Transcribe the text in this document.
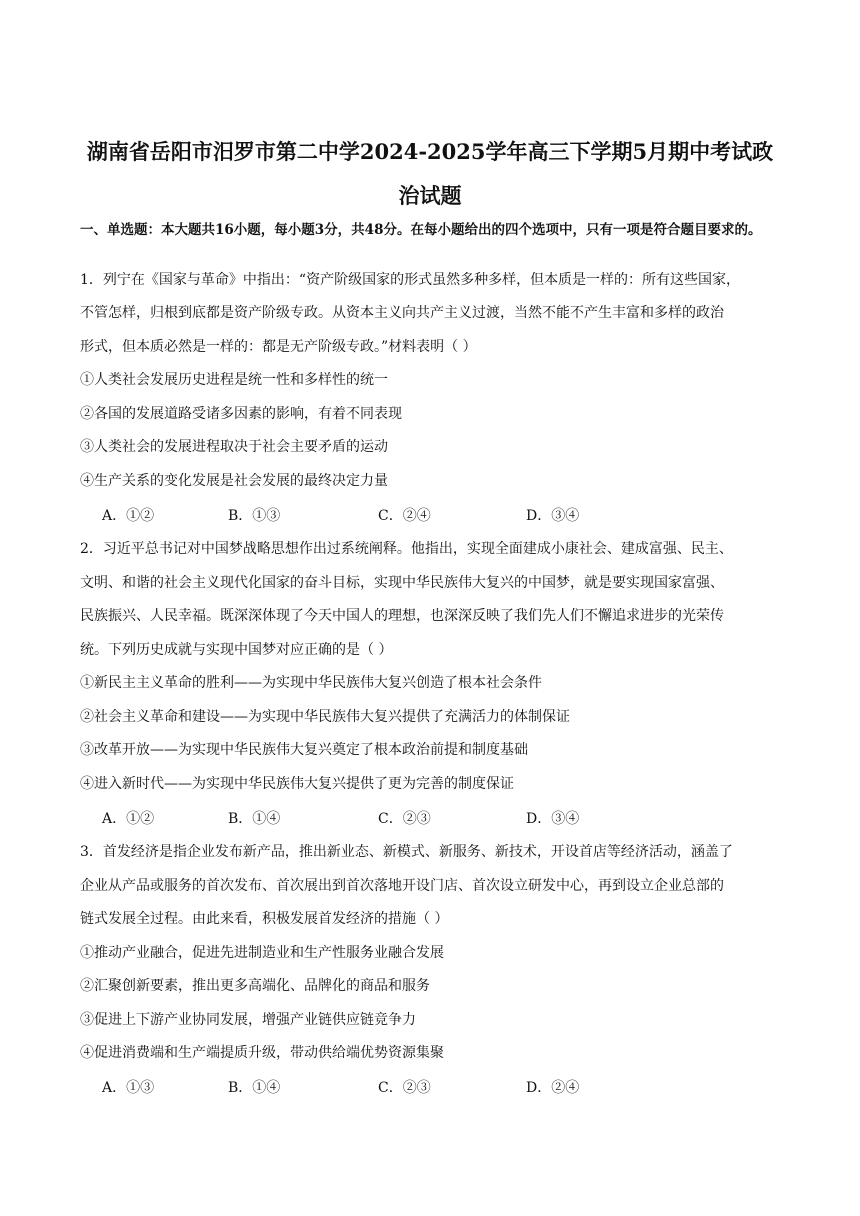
湖南省岳阳市汨罗市第二中学2024-2025学年高三下学期5月期中考试政
治试题
一、单选题：本大题共16小题，每小题3分，共48分。在每小题给出的四个选项中，只有一项是符合题目要求的。
1．列宁在《国家与革命》中指出：“资产阶级国家的形式虽然多种多样，但本质是一样的：所有这些国家，
不管怎样，归根到底都是资产阶级专政。从资本主义向共产主义过渡，当然不能不产生丰富和多样的政治
形式，但本质必然是一样的：都是无产阶级专政。”材料表明（ ）
①人类社会发展历史进程是统一性和多样性的统一
②各国的发展道路受诸多因素的影响，有着不同表现
③人类社会的发展进程取决于社会主要矛盾的运动
④生产关系的变化发展是社会发展的最终决定力量
A．①②	B．①③	C．②④	D．③④
2．习近平总书记对中国梦战略思想作出过系统阐释。他指出，实现全面建成小康社会、建成富强、民主、
文明、和谐的社会主义现代化国家的奋斗目标，实现中华民族伟大复兴的中国梦，就是要实现国家富强、
民族振兴、人民幸福。既深深体现了今天中国人的理想，也深深反映了我们先人们不懈追求进步的光荣传
统。下列历史成就与实现中国梦对应正确的是（ ）
①新民主主义革命的胜利——为实现中华民族伟大复兴创造了根本社会条件
②社会主义革命和建设——为实现中华民族伟大复兴提供了充满活力的体制保证
③改革开放——为实现中华民族伟大复兴奠定了根本政治前提和制度基础
④进入新时代——为实现中华民族伟大复兴提供了更为完善的制度保证
A．①②	B．①④	C．②③	D．③④
3．首发经济是指企业发布新产品，推出新业态、新模式、新服务、新技术，开设首店等经济活动，涵盖了
企业从产品或服务的首次发布、首次展出到首次落地开设门店、首次设立研发中心，再到设立企业总部的
链式发展全过程。由此来看，积极发展首发经济的措施（ ）
①推动产业融合，促进先进制造业和生产性服务业融合发展
②汇聚创新要素，推出更多高端化、品牌化的商品和服务
③促进上下游产业协同发展，增强产业链供应链竞争力
④促进消费端和生产端提质升级，带动供给端优势资源集聚
A．①③	B．①④	C．②③	D．②④
